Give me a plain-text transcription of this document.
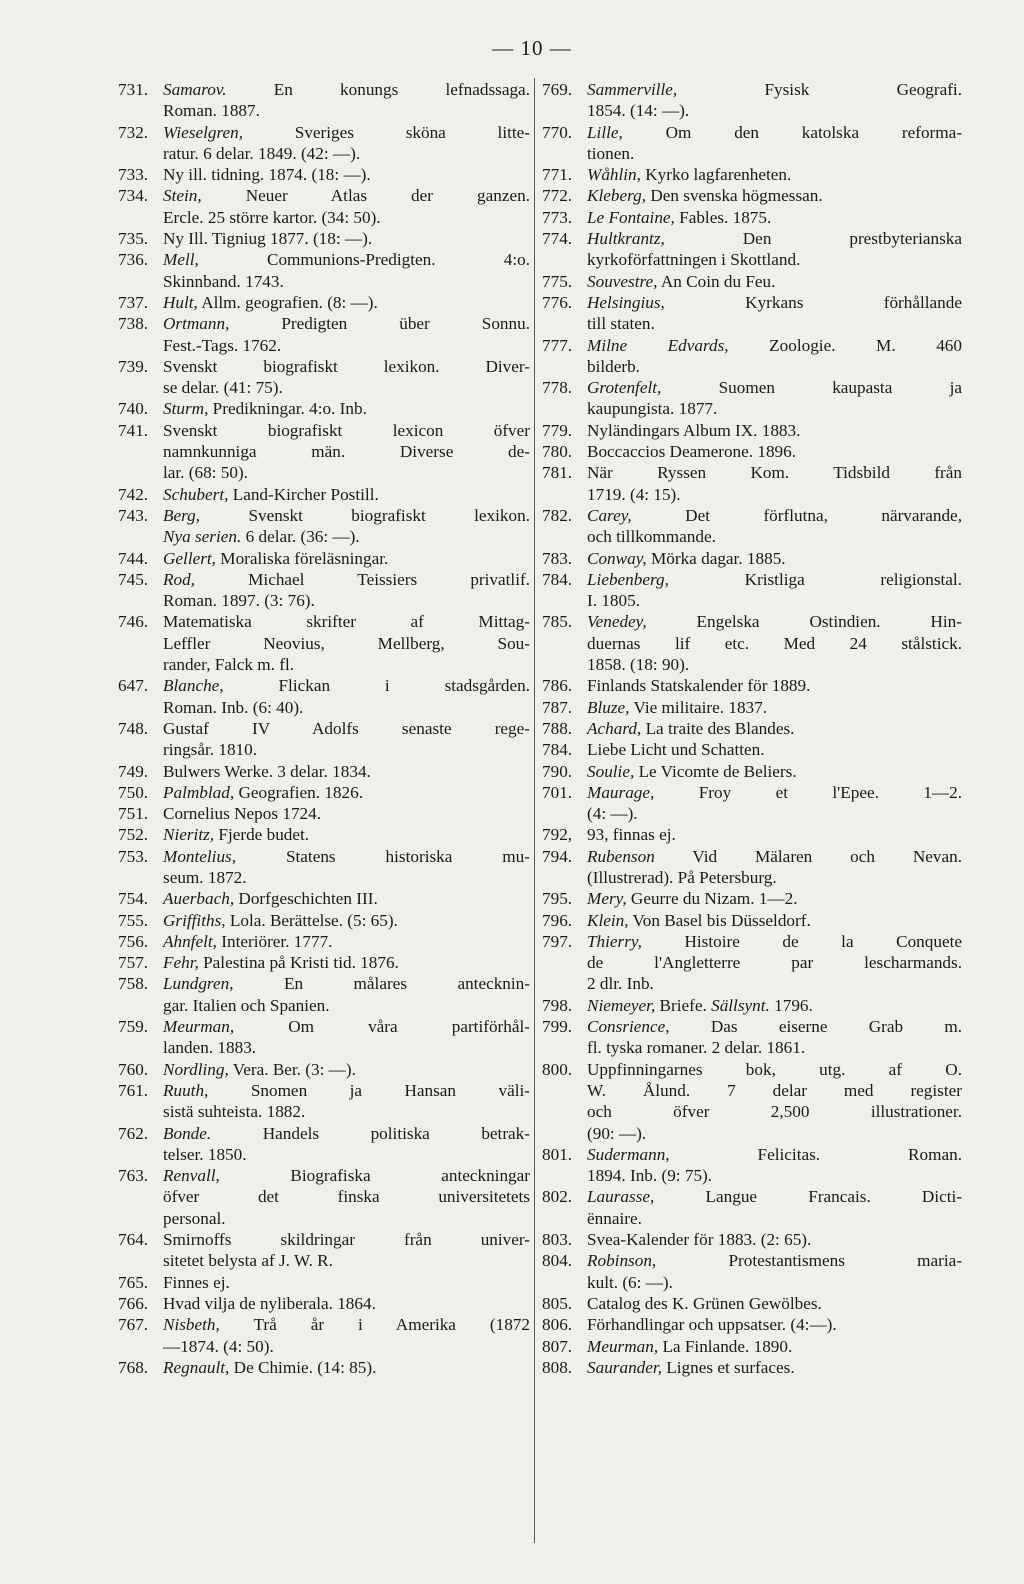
— 10 —
731. Samarov. En konungs lefnadssaga.
Roman. 1887.
732. Wieselgren, Sveriges sköna litte-
ratur. 6 delar. 1849. (42: —).
733. Ny ill. tidning. 1874. (18: —).
734. Stein, Neuer Atlas der ganzen.
Ercle. 25 större kartor. (34: 50).
735. Ny Ill. Tigniug 1877. (18: —).
736. Mell, Communions-Predigten. 4:o.
Skinnband. 1743.
737. Hult, Allm. geografien. (8: —).
738. Ortmann, Predigten über Sonnu.
Fest.-Tags. 1762.
739. Svenskt biografiskt lexikon. Diver-
se delar. (41: 75).
740. Sturm, Predikningar. 4:o. Inb.
741. Svenskt biografiskt lexicon öfver
namnkunniga män. Diverse de-
lar. (68: 50).
742. Schubert, Land-Kircher Postill.
743. Berg, Svenskt biografiskt lexikon.
Nya serien. 6 delar. (36: —).
744. Gellert, Moraliska föreläsningar.
745. Rod, Michael Teissiers privatlif.
Roman. 1897. (3: 76).
746. Matematiska skrifter af Mittag-
Leffler Neovius, Mellberg, Sou-
rander, Falck m. fl.
647. Blanche, Flickan i stadsgården.
Roman. Inb. (6: 40).
748. Gustaf IV Adolfs senaste rege-
ringsår. 1810.
749. Bulwers Werke. 3 delar. 1834.
750. Palmblad, Geografien. 1826.
751. Cornelius Nepos 1724.
752. Nieritz, Fjerde budet.
753. Montelius, Statens historiska mu-
seum. 1872.
754. Auerbach, Dorfgeschichten III.
755. Griffiths, Lola. Berättelse. (5: 65).
756. Ahnfelt, Interiörer. 1777.
757. Fehr, Palestina på Kristi tid. 1876.
758. Lundgren, En målares antecknin-
gar. Italien och Spanien.
759. Meurman, Om våra partiförhål-
landen. 1883.
760. Nordling, Vera. Ber. (3: —).
761. Ruuth, Snomen ja Hansan väli-
sistä suhteista. 1882.
762. Bonde. Handels politiska betrak-
telser. 1850.
763. Renvall, Biografiska anteckningar
öfver det finska universitetets
personal.
764. Smirnoffs skildringar från univer-
sitetet belysta af J. W. R.
765. Finnes ej.
766. Hvad vilja de nyliberala. 1864.
767. Nisbeth, Trå år i Amerika (1872
—1874. (4: 50).
768. Regnault, De Chimie. (14: 85).
769. Sammerville, Fysisk Geografi.
1854. (14: —).
770. Lille, Om den katolska reforma-
tionen.
771. Wåhlin, Kyrko lagfarenheten.
772. Kleberg, Den svenska högmessan.
773. Le Fontaine, Fables. 1875.
774. Hultkrantz, Den prestbyterianska
kyrkoförfattningen i Skottland.
775. Souvestre, An Coin du Feu.
776. Helsingius, Kyrkans förhållande
till staten.
777. Milne Edvards, Zoologie. M. 460
bilderb.
778. Grotenfelt, Suomen kaupasta ja
kaupungista. 1877.
779. Nyländingars Album IX. 1883.
780. Boccaccios Deamerone. 1896.
781. När Ryssen Kom. Tidsbild från
1719. (4: 15).
782. Carey, Det förflutna, närvarande,
och tillkommande.
783. Conway, Mörka dagar. 1885.
784. Liebenberg, Kristliga religionstal.
I. 1805.
785. Venedey, Engelska Ostindien. Hin-
duernas lif etc. Med 24 stålstick.
1858. (18: 90).
786. Finlands Statskalender för 1889.
787. Bluze, Vie militaire. 1837.
788. Achard, La traite des Blandes.
784. Liebe Licht und Schatten.
790. Soulie, Le Vicomte de Beliers.
701. Maurage, Froy et l'Epee. 1—2.
(4: —).
792, 93, finnas ej.
794. Rubenson Vid Mälaren och Nevan.
(Illustrerad). På Petersburg.
795. Mery, Geurre du Nizam. 1—2.
796. Klein, Von Basel bis Düsseldorf.
797. Thierry, Histoire de la Conquete
de l'Angletterre par lescharmands.
2 dlr. Inb.
798. Niemeyer, Briefe. Sällsynt. 1796.
799. Consrience, Das eiserne Grab m.
fl. tyska romaner. 2 delar. 1861.
800. Uppfinningarnes bok, utg. af O.
W. Ålund. 7 delar med register
och öfver 2,500 illustrationer.
(90: —).
801. Sudermann, Felicitas. Roman.
1894. Inb. (9: 75).
802. Laurasse, Langue Francais. Dicti-
ënnaire.
803. Svea-Kalender för 1883. (2: 65).
804. Robinson, Protestantismens maria-
kult. (6: —).
805. Catalog des K. Grünen Gewölbes.
806. Förhandlingar och uppsatser. (4:—).
807. Meurman, La Finlande. 1890.
808. Saurander, Lignes et surfaces.
